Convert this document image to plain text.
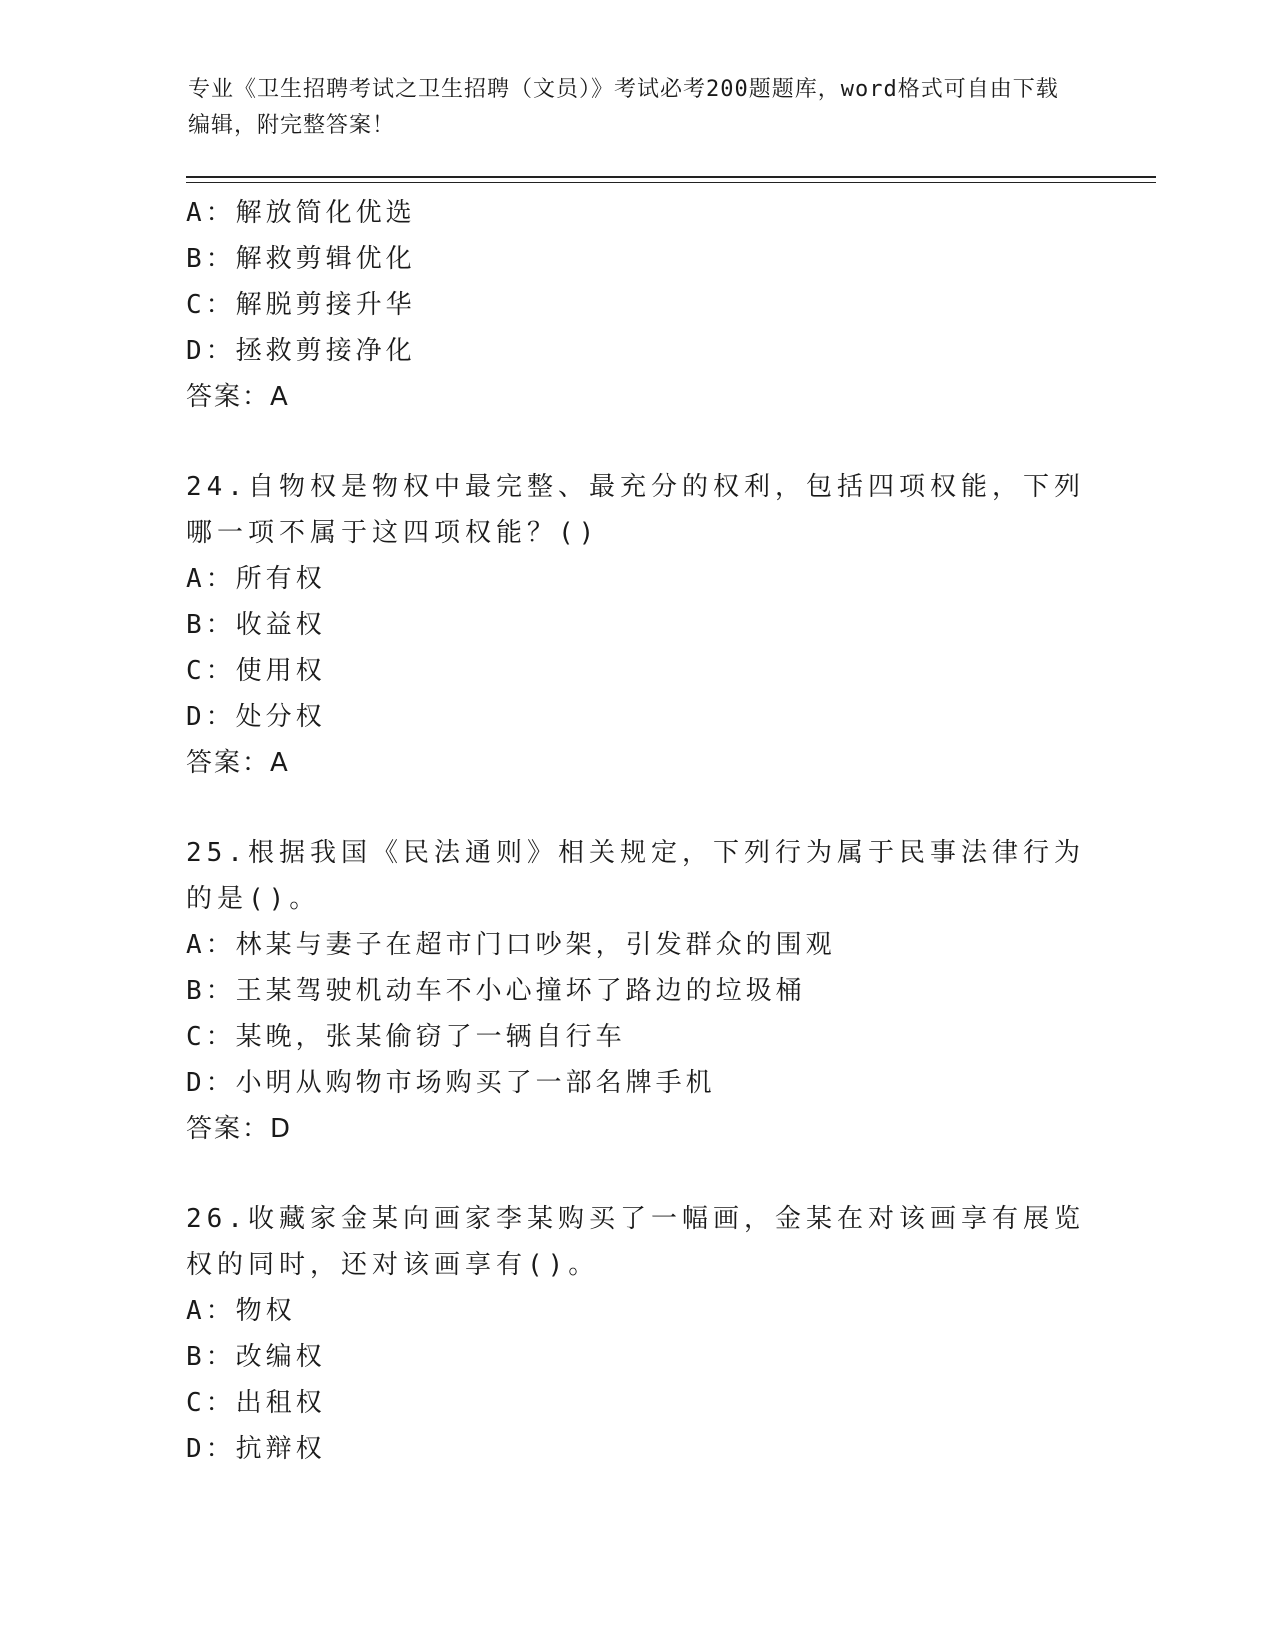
专业《卫生招聘考试之卫生招聘（文员）》考试必考200题题库，word格式可自由下载编辑，附完整答案！
A：解放简化优选
B：解救剪辑优化
C：解脱剪接升华
D：拯救剪接净化
答案：A
24.自物权是物权中最完整、最充分的权利，包括四项权能，下列哪一项不属于这四项权能？()
A：所有权
B：收益权
C：使用权
D：处分权
答案：A
25.根据我国《民法通则》相关规定，下列行为属于民事法律行为的是()。
A：林某与妻子在超市门口吵架，引发群众的围观
B：王某驾驶机动车不小心撞坏了路边的垃圾桶
C：某晚，张某偷窃了一辆自行车
D：小明从购物市场购买了一部名牌手机
答案：D
26.收藏家金某向画家李某购买了一幅画，金某在对该画享有展览权的同时，还对该画享有()。
A：物权
B：改编权
C：出租权
D：抗辩权
